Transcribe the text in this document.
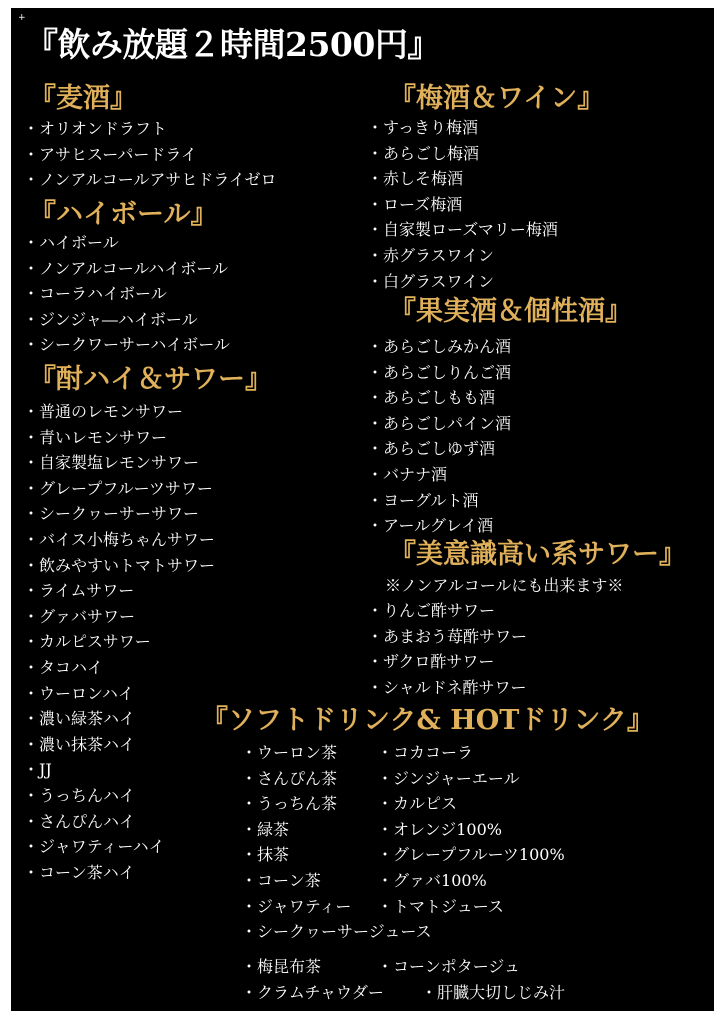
+
『飲み放題２時間2500円』
『麦酒』
・ オリオンドラフト
・ アサヒスーパードライ
・ ノンアルコールアサヒドライゼロ
『ハイボール』
・ ハイボール
・ ノンアルコールハイボール
・ コーラハイボール
・ ジンジャ―ハイボール
・ シークワーサーハイボール
『酎ハイ＆サワー』
・ 普通のレモンサワー
・ 青いレモンサワー
・ 自家製塩レモンサワー
・ グレープフルーツサワー
・ シークヮーサーサワー
・ バイス小梅ちゃんサワー
・ 飲みやすいトマトサワー
・ ライムサワー
・ グァバサワー
・ カルピスサワー
・ タコハイ
・ ウーロンハイ
・ 濃い緑茶ハイ
・ 濃い抹茶ハイ
・ JJ
・ うっちんハイ
・ さんぴんハイ
・ ジャワティーハイ
・ コーン茶ハイ
『梅酒＆ワイン』
・ すっきり梅酒
・ あらごし梅酒
・ 赤しそ梅酒
・ ローズ梅酒
・ 自家製ローズマリー梅酒
・ 赤グラスワイン
・ 白グラスワイン
『果実酒＆個性酒』
・ あらごしみかん酒
・ あらごしりんご酒
・ あらごしもも酒
・ あらごしパイン酒
・ あらごしゆず酒
・ バナナ酒
・ ヨーグルト酒
・ アールグレイ酒
『美意識高い系サワー』
※ノンアルコールにも出来ます※
・ りんご酢サワー
・ あまおう苺酢サワー
・ ザクロ酢サワー
・ シャルドネ酢サワー
『ソフトドリンク& HOTドリンク』
・ ウーロン茶
・ さんぴん茶
・ うっちん茶
・ 緑茶
・ 抹茶
・ コーン茶
・ ジャワティー
・ コカコーラ
・ ジンジャーエール
・ カルピス
・ オレンジ100%
・ グレープフルーツ100%
・ グァバ100%
・ トマトジュース
・ シークヮーサージュース
・ 梅昆布茶
・ クラムチャウダー
・ コーンポタージュ
・ 肝臓大切しじみ汁
